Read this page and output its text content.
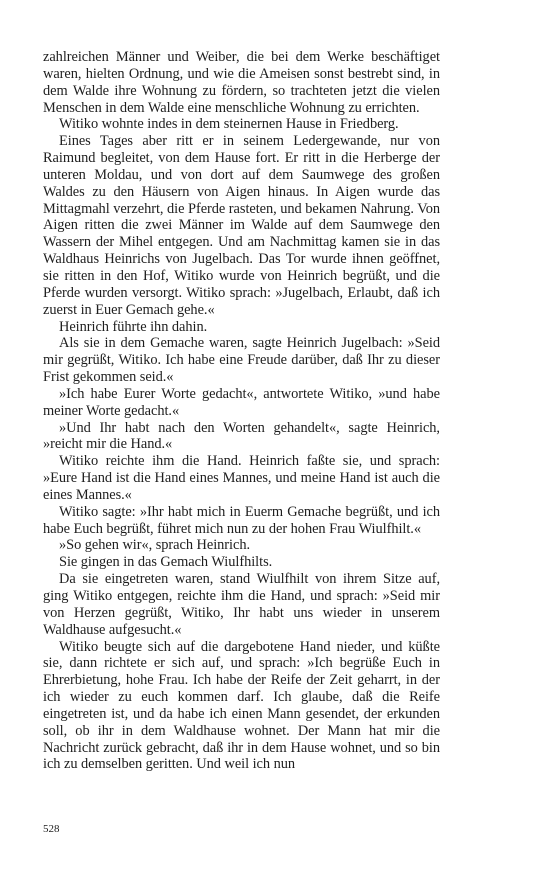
zahlreichen Männer und Weiber, die bei dem Werke beschäftiget waren, hielten Ordnung, und wie die Ameisen sonst bestrebt sind, in dem Walde ihre Wohnung zu fördern, so trachteten jetzt die vielen Menschen in dem Walde eine menschliche Wohnung zu errichten.

Witiko wohnte indes in dem steinernen Hause in Friedberg.

Eines Tages aber ritt er in seinem Ledergewande, nur von Raimund begleitet, von dem Hause fort. Er ritt in die Herberge der unteren Moldau, und von dort auf dem Saumwege des großen Waldes zu den Häusern von Aigen hinaus. In Aigen wurde das Mittagmahl verzehrt, die Pferde rasteten, und bekamen Nahrung. Von Aigen ritten die zwei Männer im Walde auf dem Saumwege den Wassern der Mihel entgegen. Und am Nachmittag kamen sie in das Waldhaus Heinrichs von Jugelbach. Das Tor wurde ihnen geöffnet, sie ritten in den Hof, Witiko wurde von Heinrich begrüßt, und die Pferde wurden versorgt. Witiko sprach: »Jugelbach, Erlaubt, daß ich zuerst in Euer Gemach gehe.«

Heinrich führte ihn dahin.

Als sie in dem Gemache waren, sagte Heinrich Jugelbach: »Seid mir gegrüßt, Witiko. Ich habe eine Freude darüber, daß Ihr zu dieser Frist gekommen seid.«

»Ich habe Eurer Worte gedacht«, antwortete Witiko, »und habe meiner Worte gedacht.«

»Und Ihr habt nach den Worten gehandelt«, sagte Heinrich, »reicht mir die Hand.«

Witiko reichte ihm die Hand. Heinrich faßte sie, und sprach: »Eure Hand ist die Hand eines Mannes, und meine Hand ist auch die eines Mannes.«

Witiko sagte: »Ihr habt mich in Euerm Gemache begrüßt, und ich habe Euch begrüßt, führet mich nun zu der hohen Frau Wiulfhilt.«

»So gehen wir«, sprach Heinrich.

Sie gingen in das Gemach Wiulfhilts.

Da sie eingetreten waren, stand Wiulfhilt von ihrem Sitze auf, ging Witiko entgegen, reichte ihm die Hand, und sprach: »Seid mir von Herzen gegrüßt, Witiko, Ihr habt uns wieder in unserem Waldhause aufgesucht.«

Witiko beugte sich auf die dargebotene Hand nieder, und küßte sie, dann richtete er sich auf, und sprach: »Ich begrüße Euch in Ehrerbietung, hohe Frau. Ich habe der Reife der Zeit geharrt, in der ich wieder zu euch kommen darf. Ich glaube, daß die Reife eingetreten ist, und da habe ich einen Mann gesendet, der erkunden soll, ob ihr in dem Waldhause wohnet. Der Mann hat mir die Nachricht zurück gebracht, daß ihr in dem Hause wohnet, und so bin ich zu demselben geritten. Und weil ich nun

528
